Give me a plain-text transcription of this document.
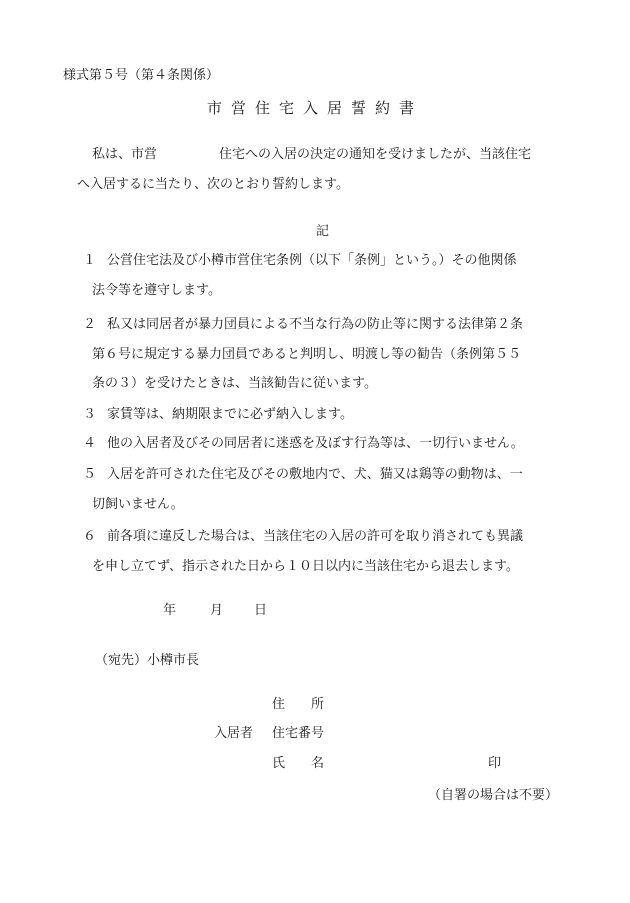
様式第５号（第４条関係）
市営住宅入居誓約書
私は、市営	住宅への入居の決定の通知を受けましたが、当該住宅
へ入居するに当たり、次のとおり誓約します。
記
１ 公営住宅法及び小樽市営住宅条例（以下「条例」という。）その他関係
法令等を遵守します。
２ 私又は同居者が暴力団員による不当な行為の防止等に関する法律第２条
第６号に規定する暴力団員であると判明し、明渡し等の勧告（条例第５５
条の３）を受けたときは、当該勧告に従います。
３ 家賃等は、納期限までに必ず納入します。
４ 他の入居者及びその同居者に迷惑を及ぼす行為等は、一切行いません。
５ 入居を許可された住宅及びその敷地内で、犬、猫又は鶏等の動物は、一
切飼いません。
６ 前各項に違反した場合は、当該住宅の入居の許可を取り消されても異議
を申し立てず、指示された日から１０日以内に当該住宅から退去します。
年	月 日
（宛先）小樽市長
住　　所
入居者 住宅番号
氏　　名	印
（自署の場合は不要）
